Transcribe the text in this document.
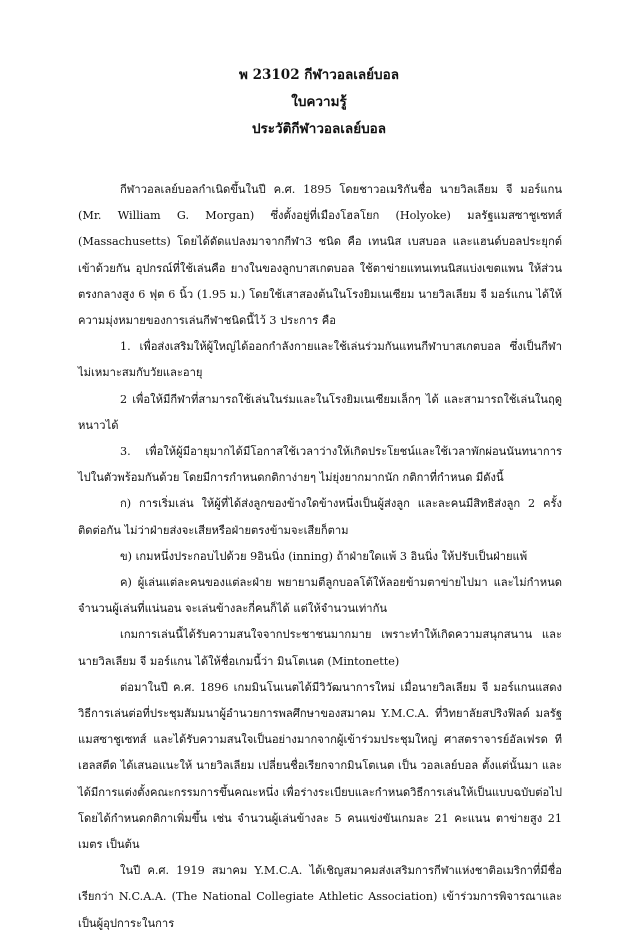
พ 23102 กีฬาวอลเลย์บอล
ใบความรู้
ประวัติกีฬาวอลเลย์บอล

กีฬาวอลเลย์บอลกำเนิดขึ้นในปี ค.ศ. 1895 โดยชาวอเมริกันชื่อ นายวิลเลียม จี มอร์แกน (Mr. William G. Morgan) ซึ่งตั้งอยู่ที่เมืองโฮลโยก (Holyoke) มลรัฐแมสซาชูเซทส์ (Massachusetts) โดยได้ดัดแปลงมาจากกีฬา3 ชนิด คือ เทนนิส เบสบอล และแฮนด์บอลประยุกต์เข้าด้วยกัน อุปกรณ์ที่ใช้เล่นคือ ยางในของลูกบาสเกตบอล ใช้ตาข่ายแทนเทนนิสแบ่งเขตแพน ให้ส่วนตรงกลางสูง 6 ฟุต 6 นิ้ว (1.95 ม.) โดยใช้เสาสองต้นในโรงยิมเนเซียม นายวิลเลียม จี มอร์แกน ได้ให้ความมุ่งหมายของการเล่นกีฬาชนิดนี้ไว้ 3 ประการ คือ

1. เพื่อส่งเสริมให้ผู้ใหญ่ได้ออกกำลังกายและใช้เล่นร่วมกันแทนกีฬาบาสเกตบอล ซึ่งเป็นกีฬาไม่เหมาะสมกับวัยและอายุ

2 เพื่อให้มีกีฬาที่สามารถใช้เล่นในร่มและในโรงยิมเนเซียมเล็กๆ ได้ และสามารถใช้เล่นในฤดูหนาวได้

3. เพื่อให้ผู้มีอายุมากได้มีโอกาสใช้เวลาว่างให้เกิดประโยชน์และใช้เวลาพักผ่อนนันทนาการไปในตัวพร้อมกันด้วย โดยมีการกำหนดกติกาง่ายๆ ไม่ยุ่งยากมากนัก กติกาที่กำหนด มีดังนี้

ก) การเริ่มเล่น ให้ผู้ที่ได้ส่งลูกของข้างใดข้างหนึ่งเป็นผู้ส่งลูก และละคนมีสิทธิส่งลูก 2 ครั้งติดต่อกัน ไม่ว่าฝ่ายส่งจะเสียหรือฝ่ายตรงข้ามจะเสียก็ตาม

ข) เกมหนึ่งประกอบไปด้วย 9อินนิ่ง (inning) ถ้าฝ่ายใดแพ้ 3 อินนิ่ง ให้ปรับเป็นฝ่ายแพ้

ค) ผู้เล่นแต่ละคนของแต่ละฝ่าย พยายามตีลูกบอลโต้ให้ลอยข้ามตาข่ายไปมา และไม่กำหนดจำนวนผู้เล่นที่แน่นอน จะเล่นข้างละกี่คนก็ได้ แต่ให้จำนวนเท่ากัน

เกมการเล่นนี้ได้รับความสนใจจากประชาชนมากมาย เพราะทำให้เกิดความสนุกสนาน และนายวิลเลียม จี มอร์แกน ได้ให้ชื่อเกมนี้ว่า มินโตเนต (Mintonette)

ต่อมาในปี ค.ศ. 1896 เกมมินโนเนตได้มีวิวัฒนาการใหม่ เมื่อนายวิลเลียม จี มอร์แกนแสดงวิธีการเล่นต่อที่ประชุมสัมมนาผู้อำนวยการพลศึกษาของสมาคม Y.M.C.A. ที่วิทยาลัยสปริงฟิลด์ มลรัฐแมสซาชูเซทส์ และได้รับความสนใจเป็นอย่างมากจากผู้เข้าร่วมประชุมใหญ่ ศาสตราจารย์อัลเฟรด ทีเฮลสตีด ได้เสนอแนะให้ นายวิลเลียม เปลี่ยนชื่อเรียกจากมินโตเนต เป็น วอลเลย์บอล ตั้งแต่นั้นมา และได้มีการแต่งตั้งคณะกรรมการขึ้นคณะหนึ่ง เพื่อร่างระเบียบและกำหนดวิธีการเล่นให้เป็นแบบฉบับต่อไป โดยได้กำหนดกติกาเพิ่มขึ้น เช่น จำนวนผู้เล่นข้างละ 5 คนแข่งขันเกมละ 21 คะแนน ตาข่ายสูง 21 เมตร เป็นต้น

ในปี ค.ศ. 1919 สมาคม Y.M.C.A. ได้เชิญสมาคมส่งเสริมการกีฬาแห่งชาติอเมริกาที่มีชื่อเรียกว่า N.C.A.A. (The National Collegiate Athletic Association) เข้าร่วมการพิจารณาและเป็นผู้อุปการะในการ
